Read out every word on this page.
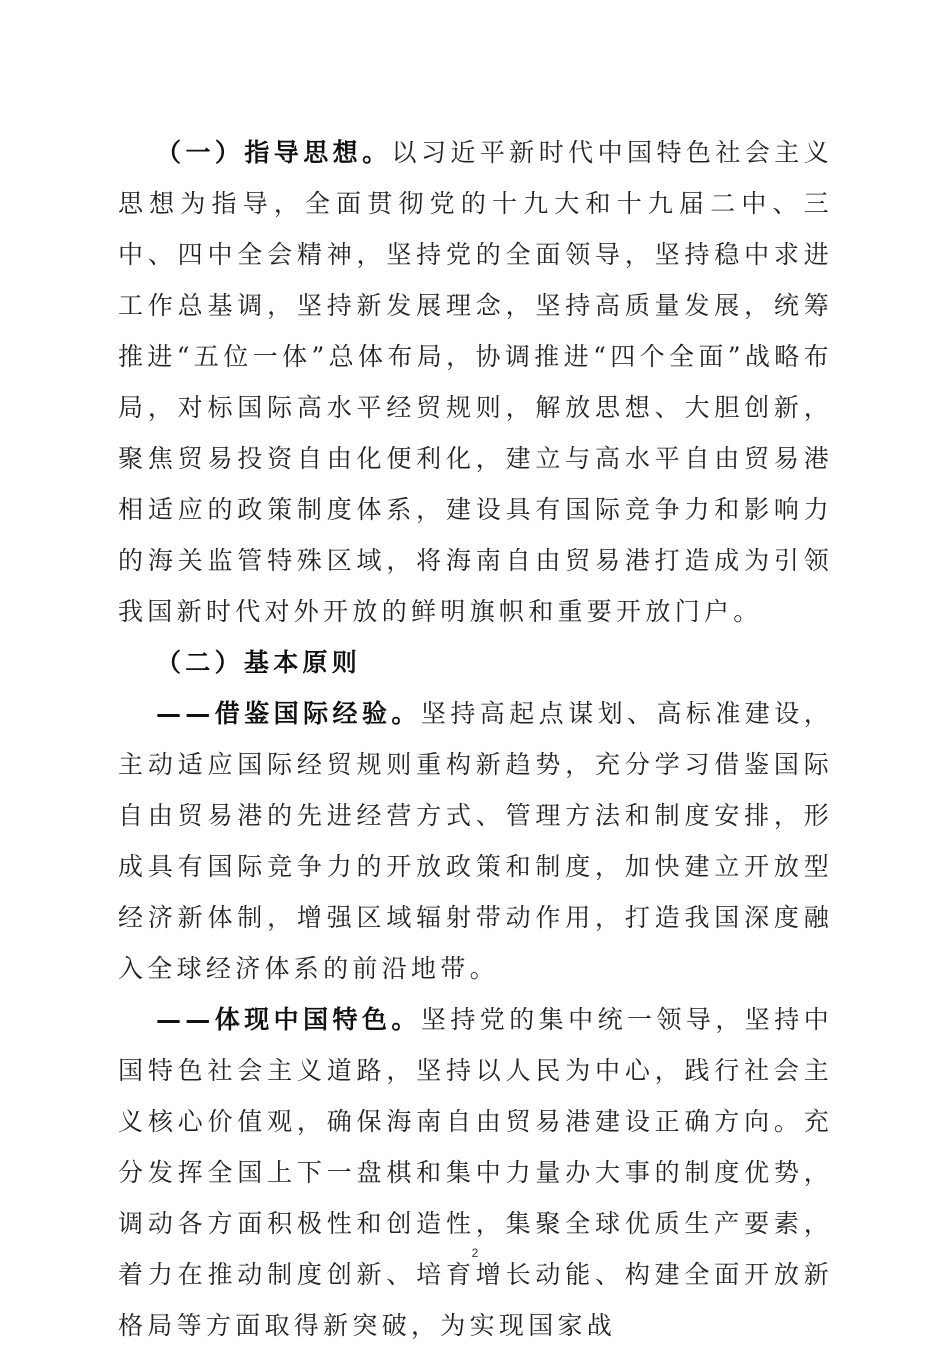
（一）指导思想。以习近平新时代中国特色社会主义思想为指导，全面贯彻党的十九大和十九届二中、三中、四中全会精神，坚持党的全面领导，坚持稳中求进工作总基调，坚持新发展理念，坚持高质量发展，统筹推进“五位一体”总体布局，协调推进“四个全面”战略布局，对标国际高水平经贸规则，解放思想、大胆创新，聚焦贸易投资自由化便利化，建立与高水平自由贸易港相适应的政策制度体系，建设具有国际竞争力和影响力的海关监管特殊区域，将海南自由贸易港打造成为引领我国新时代对外开放的鲜明旗帜和重要开放门户。

（二）基本原则

——借鉴国际经验。坚持高起点谋划、高标准建设，主动适应国际经贸规则重构新趋势，充分学习借鉴国际自由贸易港的先进经营方式、管理方法和制度安排，形成具有国际竞争力的开放政策和制度，加快建立开放型经济新体制，增强区域辐射带动作用，打造我国深度融入全球经济体系的前沿地带。

——体现中国特色。坚持党的集中统一领导，坚持中国特色社会主义道路，坚持以人民为中心，践行社会主义核心价值观，确保海南自由贸易港建设正确方向。充分发挥全国上下一盘棋和集中力量办大事的制度优势，调动各方面积极性和创造性，集聚全球优质生产要素，着力在推动制度创新、培育增长动能、构建全面开放新格局等方面取得新突破，为实现国家战

2
